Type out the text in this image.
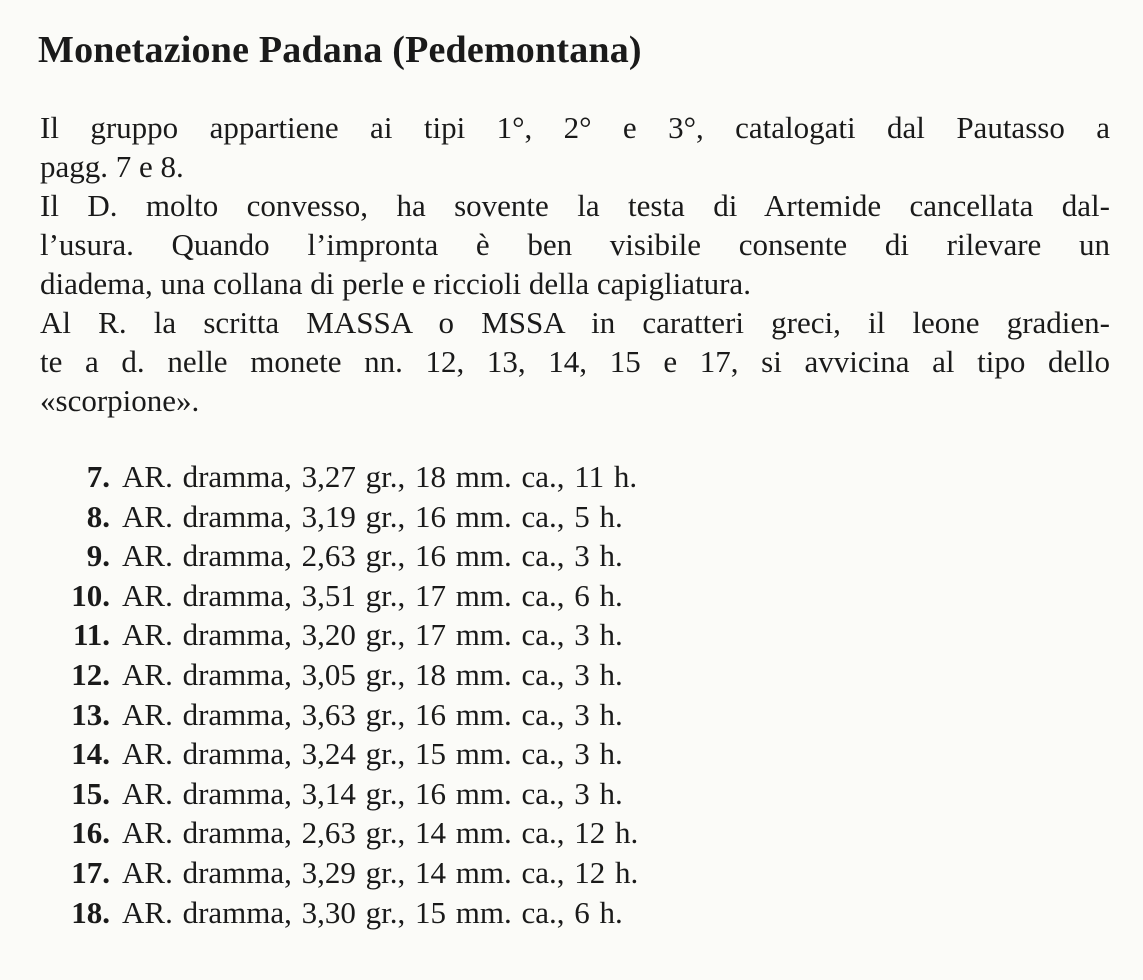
Monetazione Padana (Pedemontana)
Il gruppo appartiene ai tipi 1°, 2° e 3°, catalogati dal Pautasso a
pagg. 7 e 8.
Il D. molto convesso, ha sovente la testa di Artemide cancellata dal-
l’usura. Quando l’impronta è ben visibile consente di rilevare un
diadema, una collana di perle e riccioli della capigliatura.
Al R. la scritta MASSA o MSSA in caratteri greci, il leone gradien-
te a d. nelle monete nn. 12, 13, 14, 15 e 17, si avvicina al tipo dello
«scorpione».
7. AR. dramma, 3,27 gr., 18 mm. ca., 11 h.
8. AR. dramma, 3,19 gr., 16 mm. ca., 5 h.
9. AR. dramma, 2,63 gr., 16 mm. ca., 3 h.
10. AR. dramma, 3,51 gr., 17 mm. ca., 6 h.
11. AR. dramma, 3,20 gr., 17 mm. ca., 3 h.
12. AR. dramma, 3,05 gr., 18 mm. ca., 3 h.
13. AR. dramma, 3,63 gr., 16 mm. ca., 3 h.
14. AR. dramma, 3,24 gr., 15 mm. ca., 3 h.
15. AR. dramma, 3,14 gr., 16 mm. ca., 3 h.
16. AR. dramma, 2,63 gr., 14 mm. ca., 12 h.
17. AR. dramma, 3,29 gr., 14 mm. ca., 12 h.
18. AR. dramma, 3,30 gr., 15 mm. ca., 6 h.
